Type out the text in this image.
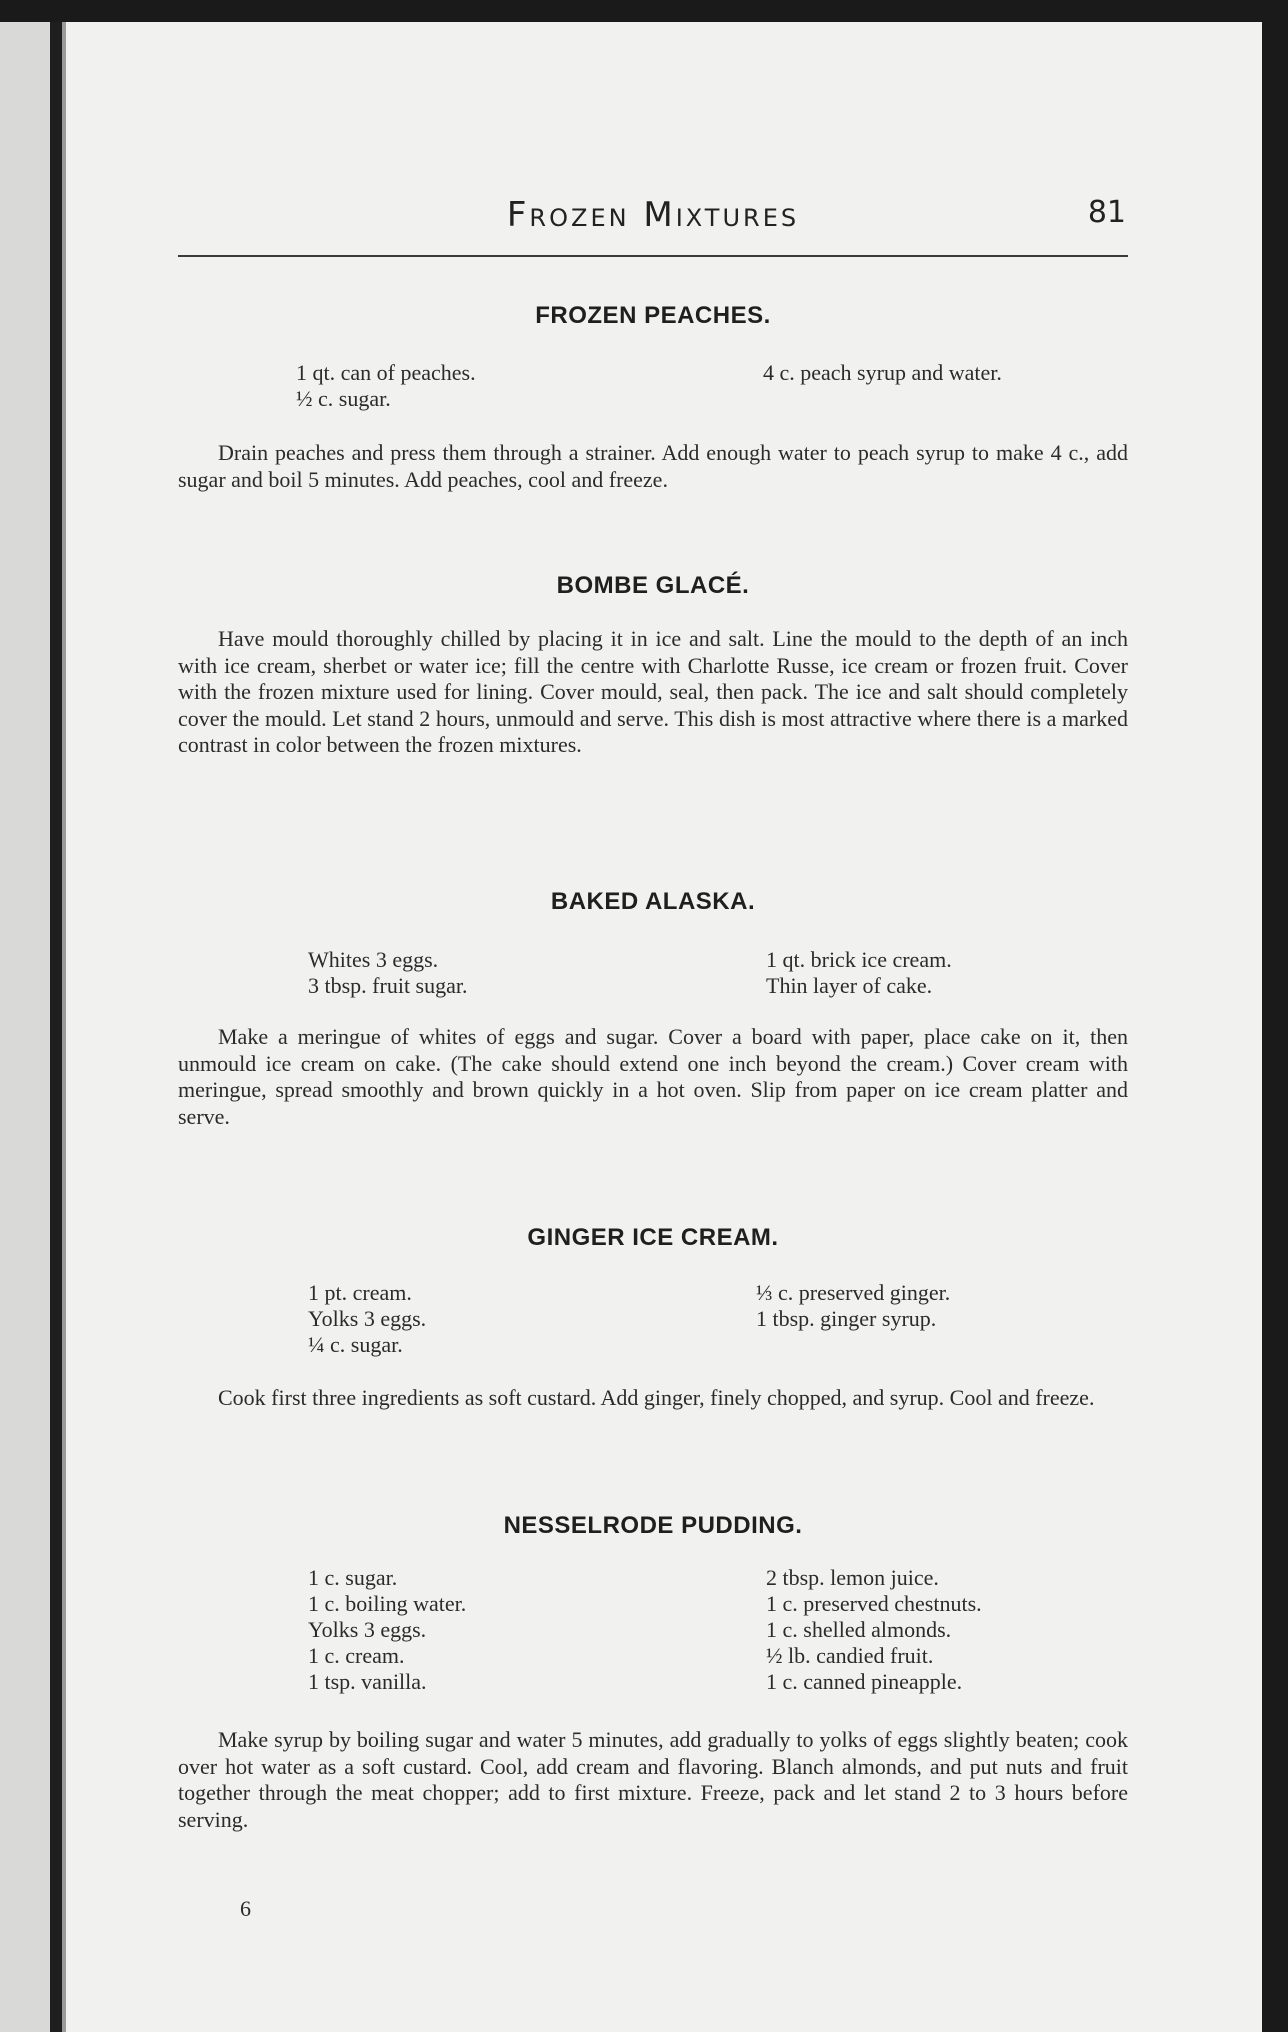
Frozen Mixtures	81
FROZEN PEACHES.
1 qt. can of peaches.
½ c. sugar.
4 c. peach syrup and water.
Drain peaches and press them through a strainer. Add enough water to peach syrup to make 4 c., add sugar and boil 5 minutes. Add peaches, cool and freeze.
BOMBE GLACÉ.
Have mould thoroughly chilled by placing it in ice and salt. Line the mould to the depth of an inch with ice cream, sherbet or water ice; fill the centre with Charlotte Russe, ice cream or frozen fruit. Cover with the frozen mixture used for lining. Cover mould, seal, then pack. The ice and salt should completely cover the mould. Let stand 2 hours, unmould and serve. This dish is most attractive where there is a marked contrast in color between the frozen mixtures.
BAKED ALASKA.
Whites 3 eggs.
3 tbsp. fruit sugar.
1 qt. brick ice cream.
Thin layer of cake.
Make a meringue of whites of eggs and sugar. Cover a board with paper, place cake on it, then unmould ice cream on cake. (The cake should extend one inch beyond the cream.) Cover cream with meringue, spread smoothly and brown quickly in a hot oven. Slip from paper on ice cream platter and serve.
GINGER ICE CREAM.
1 pt. cream.
Yolks 3 eggs.
¼ c. sugar.
⅓ c. preserved ginger.
1 tbsp. ginger syrup.
Cook first three ingredients as soft custard. Add ginger, finely chopped, and syrup. Cool and freeze.
NESSELRODE PUDDING.
1 c. sugar.
1 c. boiling water.
Yolks 3 eggs.
1 c. cream.
1 tsp. vanilla.
2 tbsp. lemon juice.
1 c. preserved chestnuts.
1 c. shelled almonds.
½ lb. candied fruit.
1 c. canned pineapple.
Make syrup by boiling sugar and water 5 minutes, add gradually to yolks of eggs slightly beaten; cook over hot water as a soft custard. Cool, add cream and flavoring. Blanch almonds, and put nuts and fruit together through the meat chopper; add to first mixture. Freeze, pack and let stand 2 to 3 hours before serving.
6
